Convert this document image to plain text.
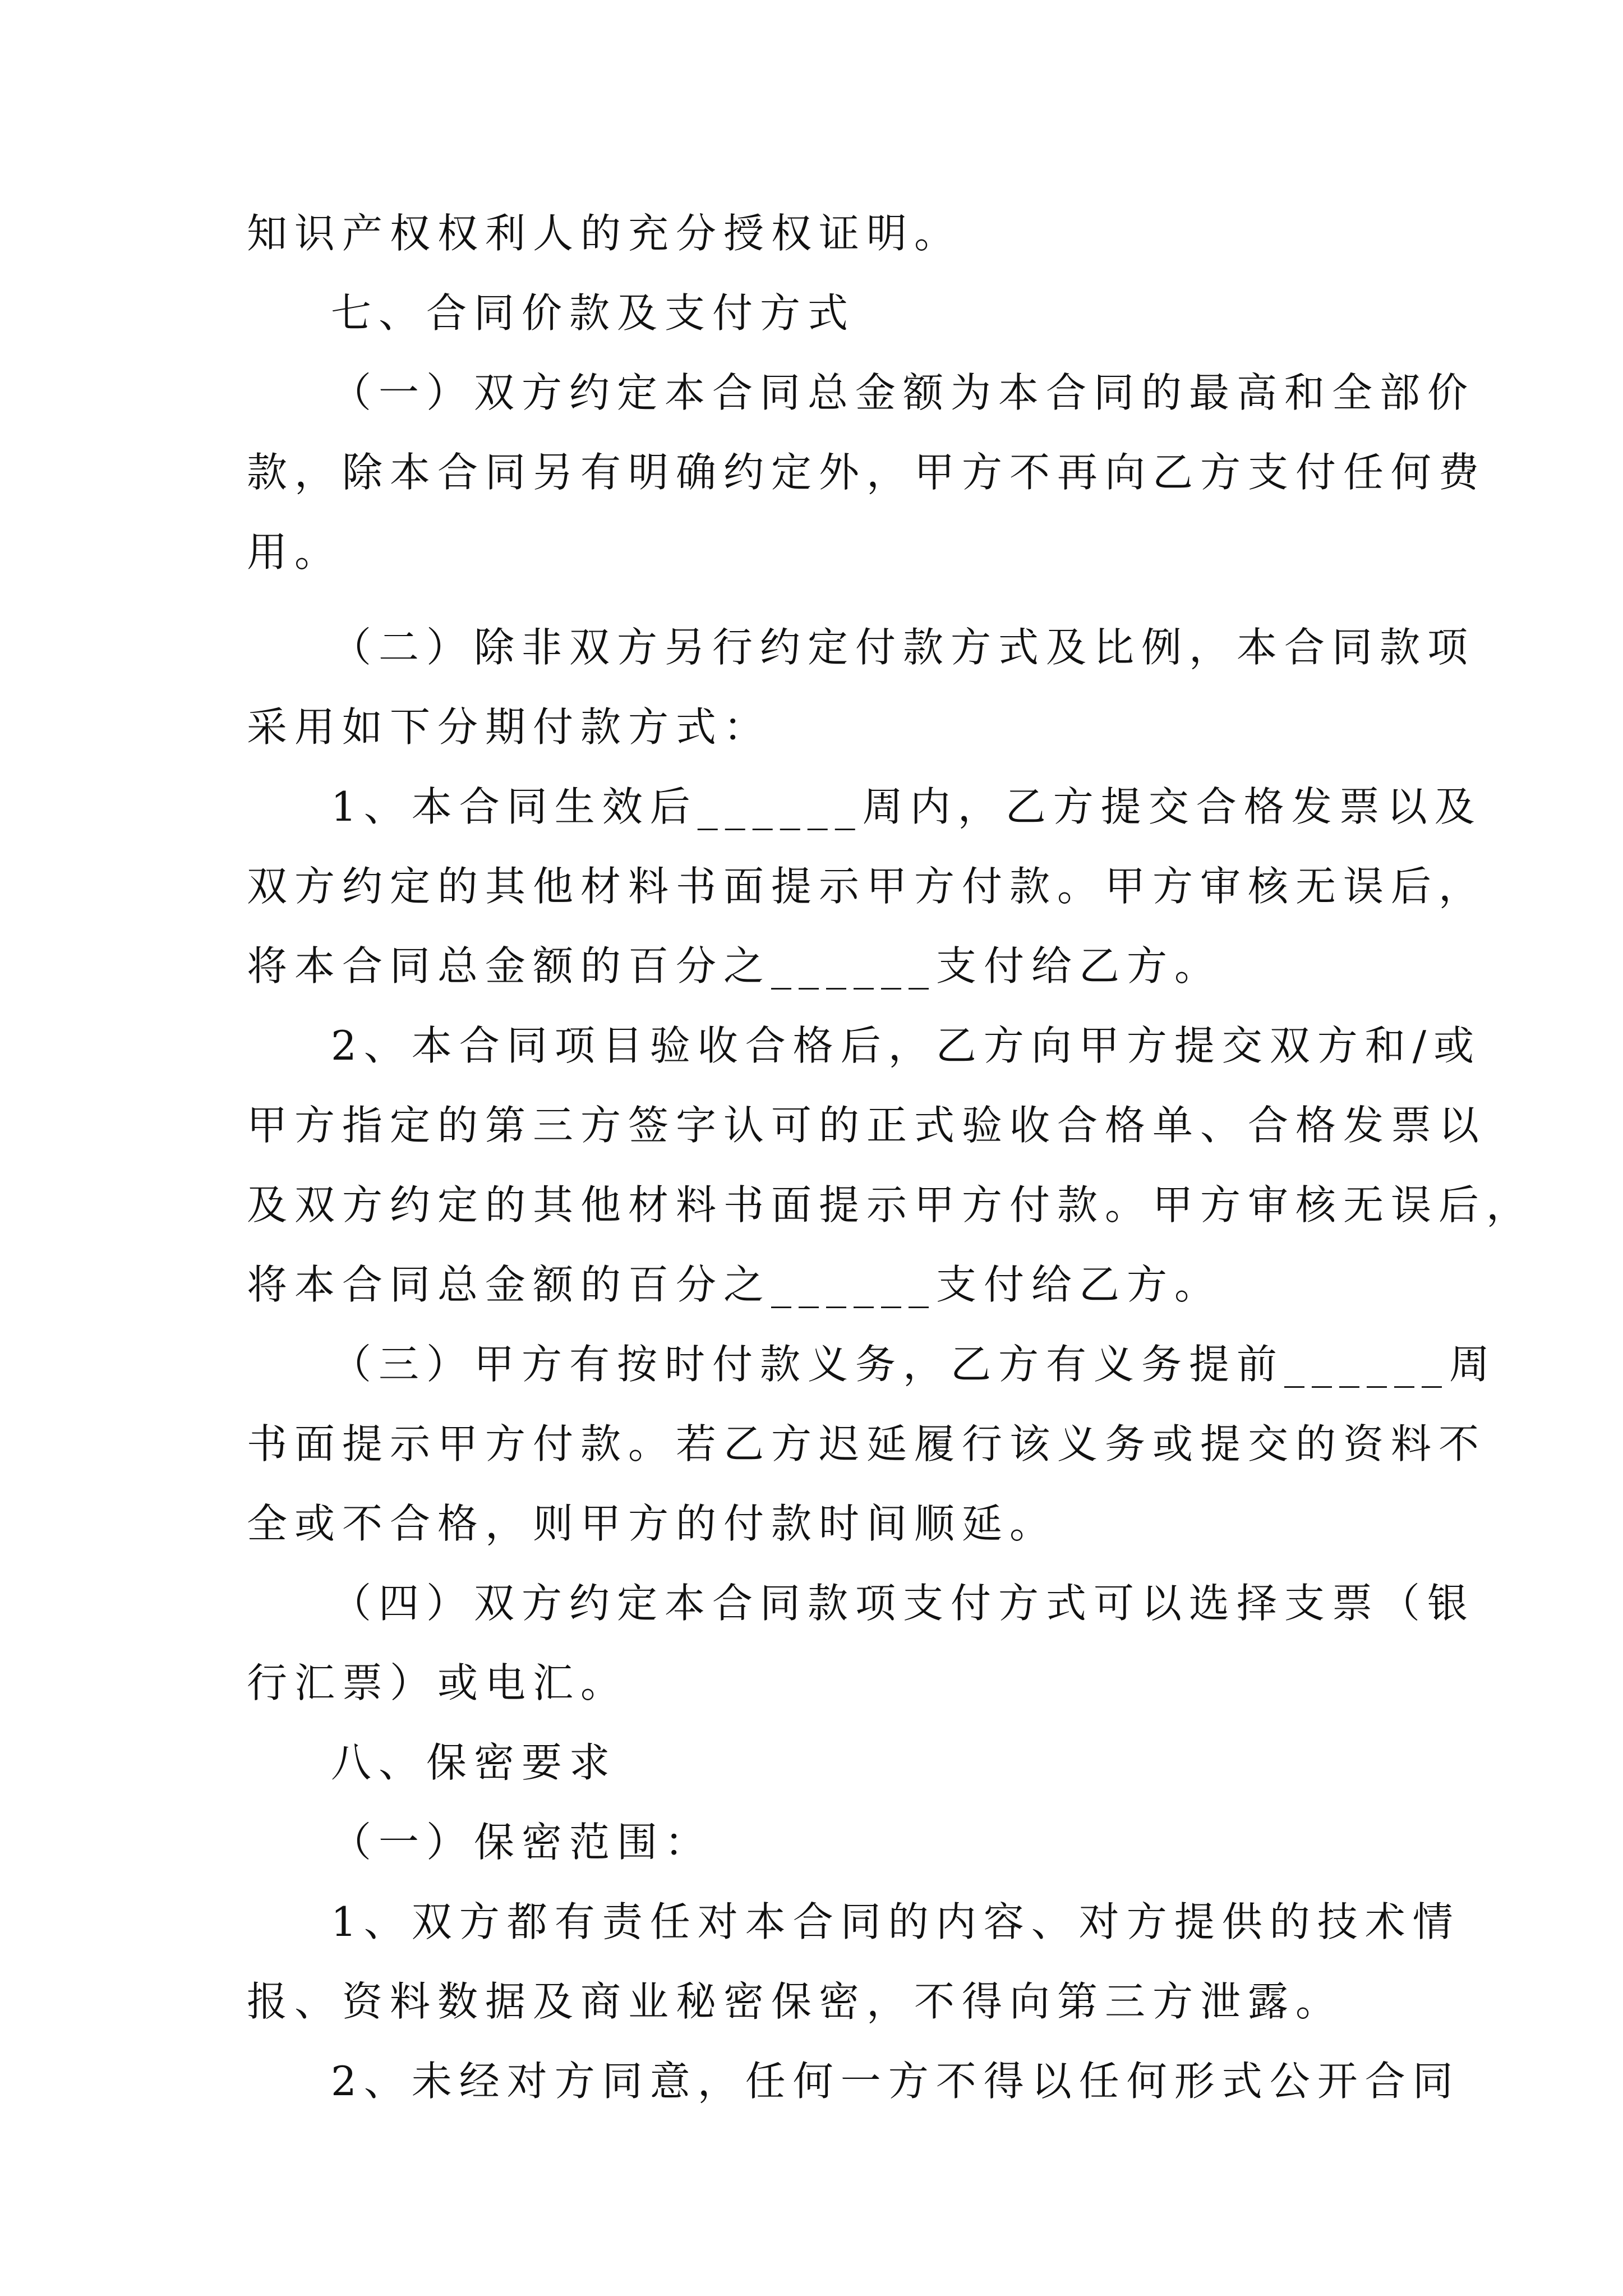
知识产权权利人的充分授权证明。
七、合同价款及支付方式
（一）双方约定本合同总金额为本合同的最高和全部价
款，除本合同另有明确约定外，甲方不再向乙方支付任何费
用。
（二）除非双方另行约定付款方式及比例，本合同款项
采用如下分期付款方式：
1、本合同生效后______周内，乙方提交合格发票以及
双方约定的其他材料书面提示甲方付款。甲方审核无误后，
将本合同总金额的百分之______支付给乙方。
2、本合同项目验收合格后，乙方向甲方提交双方和/或
甲方指定的第三方签字认可的正式验收合格单、合格发票以
及双方约定的其他材料书面提示甲方付款。甲方审核无误后，
将本合同总金额的百分之______支付给乙方。
（三）甲方有按时付款义务，乙方有义务提前______周
书面提示甲方付款。若乙方迟延履行该义务或提交的资料不
全或不合格，则甲方的付款时间顺延。
（四）双方约定本合同款项支付方式可以选择支票（银
行汇票）或电汇。
八、保密要求
（一）保密范围：
1、双方都有责任对本合同的内容、对方提供的技术情
报、资料数据及商业秘密保密，不得向第三方泄露。
2、未经对方同意，任何一方不得以任何形式公开合同
